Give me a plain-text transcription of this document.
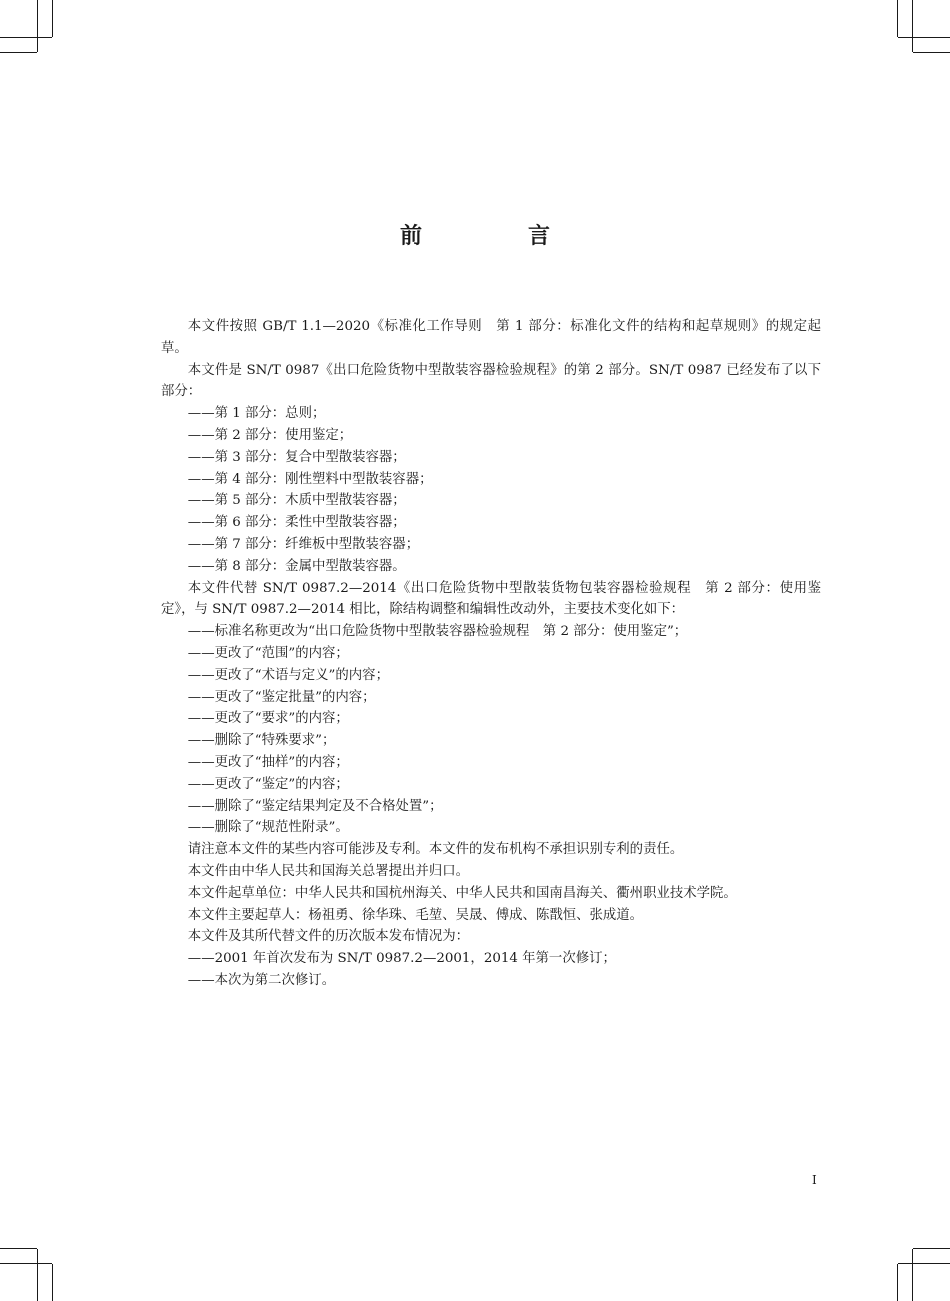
前　言

本文件按照 GB/T 1.1—2020《标准化工作导则　第 1 部分：标准化文件的结构和起草规则》的规定起草。

本文件是 SN/T 0987《出口危险货物中型散装容器检验规程》的第 2 部分。SN/T 0987 已经发布了以下部分：

——第 1 部分：总则；

——第 2 部分：使用鉴定；

——第 3 部分：复合中型散装容器；

——第 4 部分：刚性塑料中型散装容器；

——第 5 部分：木质中型散装容器；

——第 6 部分：柔性中型散装容器；

——第 7 部分：纤维板中型散装容器；

——第 8 部分：金属中型散装容器。

本文件代替 SN/T 0987.2—2014《出口危险货物中型散装货物包装容器检验规程　第 2 部分：使用鉴定》，与 SN/T 0987.2—2014 相比，除结构调整和编辑性改动外，主要技术变化如下：

——标准名称更改为“出口危险货物中型散装容器检验规程　第 2 部分：使用鉴定”；

——更改了“范围”的内容；

——更改了“术语与定义”的内容；

——更改了“鉴定批量”的内容；

——更改了“要求”的内容；

——删除了“特殊要求”；

——更改了“抽样”的内容；

——更改了“鉴定”的内容；

——删除了“鉴定结果判定及不合格处置”；

——删除了“规范性附录”。

请注意本文件的某些内容可能涉及专利。本文件的发布机构不承担识别专利的责任。

本文件由中华人民共和国海关总署提出并归口。

本文件起草单位：中华人民共和国杭州海关、中华人民共和国南昌海关、衢州职业技术学院。

本文件主要起草人：杨祖勇、徐华珠、毛堃、吴晟、傅成、陈戬恒、张成道。

本文件及其所代替文件的历次版本发布情况为：

——2001 年首次发布为 SN/T 0987.2—2001，2014 年第一次修订；

——本次为第二次修订。

I
